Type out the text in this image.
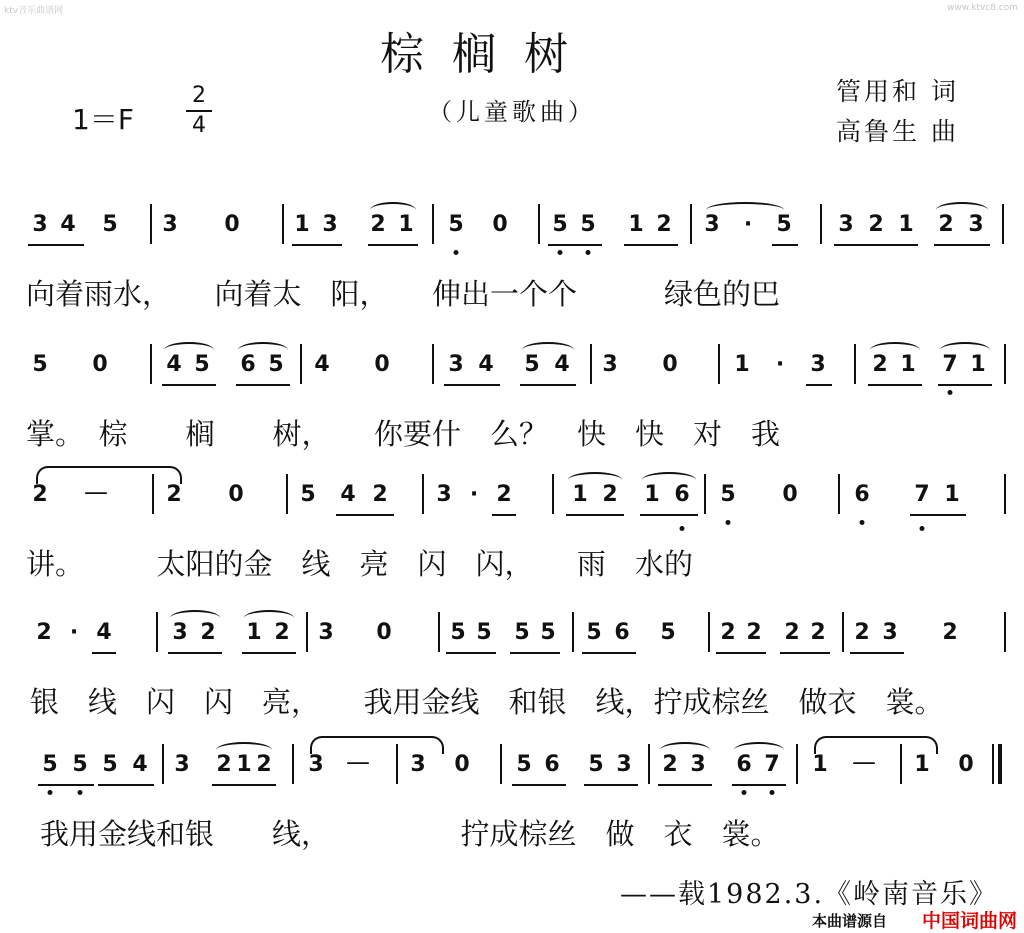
ktv音乐曲谱网	www.ktvc8.com
棕榈树
（儿童歌曲）
管用和 词
高鲁生 曲
1＝F
2
4
3 4 5 3 0 1 3 2 1 5 0 5 5 1 2 3 · 5 3 2 1 2 3
向着雨水，　　向着太　阳，　　伸出一个个　　　绿色的巴
5 0	4 5 6 5 4 0	3 4 5 4 3 0	1 · 3 2 1 7 1
掌。　棕　　榈　　树，　　你要什　么？　快　快　对　我
2 —	2 0	5 4 2 3 · 2	1 2 1 6 5 0	6 7 1
讲。　　　太阳的金　线　亮　闪　闪，　　雨　水的
2 · 4	3 2 1 2 3 0	5 5 5 5 5 6 5 2 2 2 2 2 3 2
银　线　闪　闪　亮，　　我用金线　和银　线，拧成棕丝　做衣　裳。
5 5 5 4 3 2 1 2 3 — 3 0 5 6 5 3 2 3 6 7 1 — 1 0
我用金线和银　　线，　　　　　拧成棕丝　做　衣　裳。
——载1982.3.《岭南音乐》
本曲谱源自 中国词曲网
